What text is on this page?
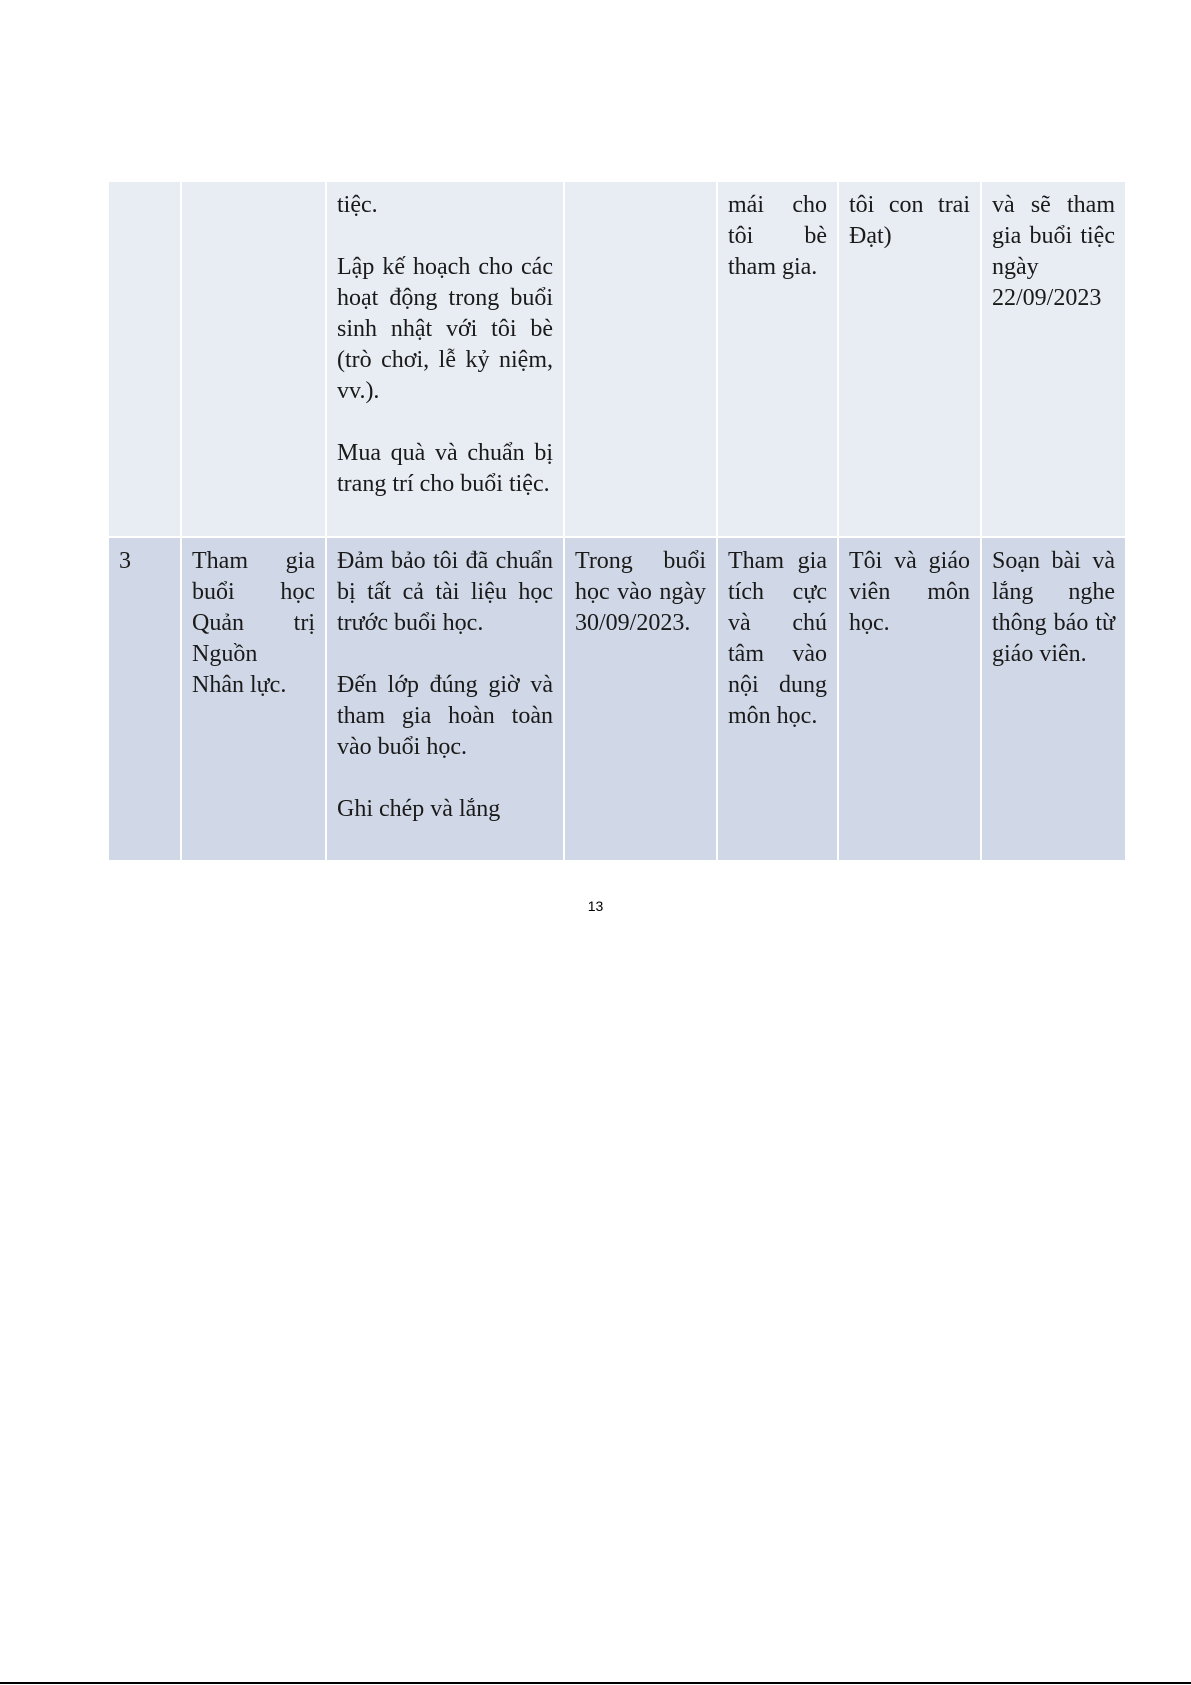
		tiệc.

Lập kế hoạch cho các hoạt động trong buổi sinh nhật với tôi bè (trò chơi, lễ kỷ niệm, vv.).

Mua quà và chuẩn bị trang trí cho buổi tiệc.		mái cho tôi bè tham gia.	tôi con trai Đạt)	và sẽ tham gia buổi tiệc ngày 22/09/2023
3	Tham gia buổi học Quản trị Nguồn Nhân lực.	Đảm bảo tôi đã chuẩn bị tất cả tài liệu học trước buổi học.

Đến lớp đúng giờ và tham gia hoàn toàn vào buổi học.

Ghi chép và lắng	Trong buổi học vào ngày 30/09/2023.	Tham gia tích cực và chú tâm vào nội dung môn học.	Tôi và giáo viên môn học.	Soạn bài và lắng nghe thông báo từ giáo viên.
13
